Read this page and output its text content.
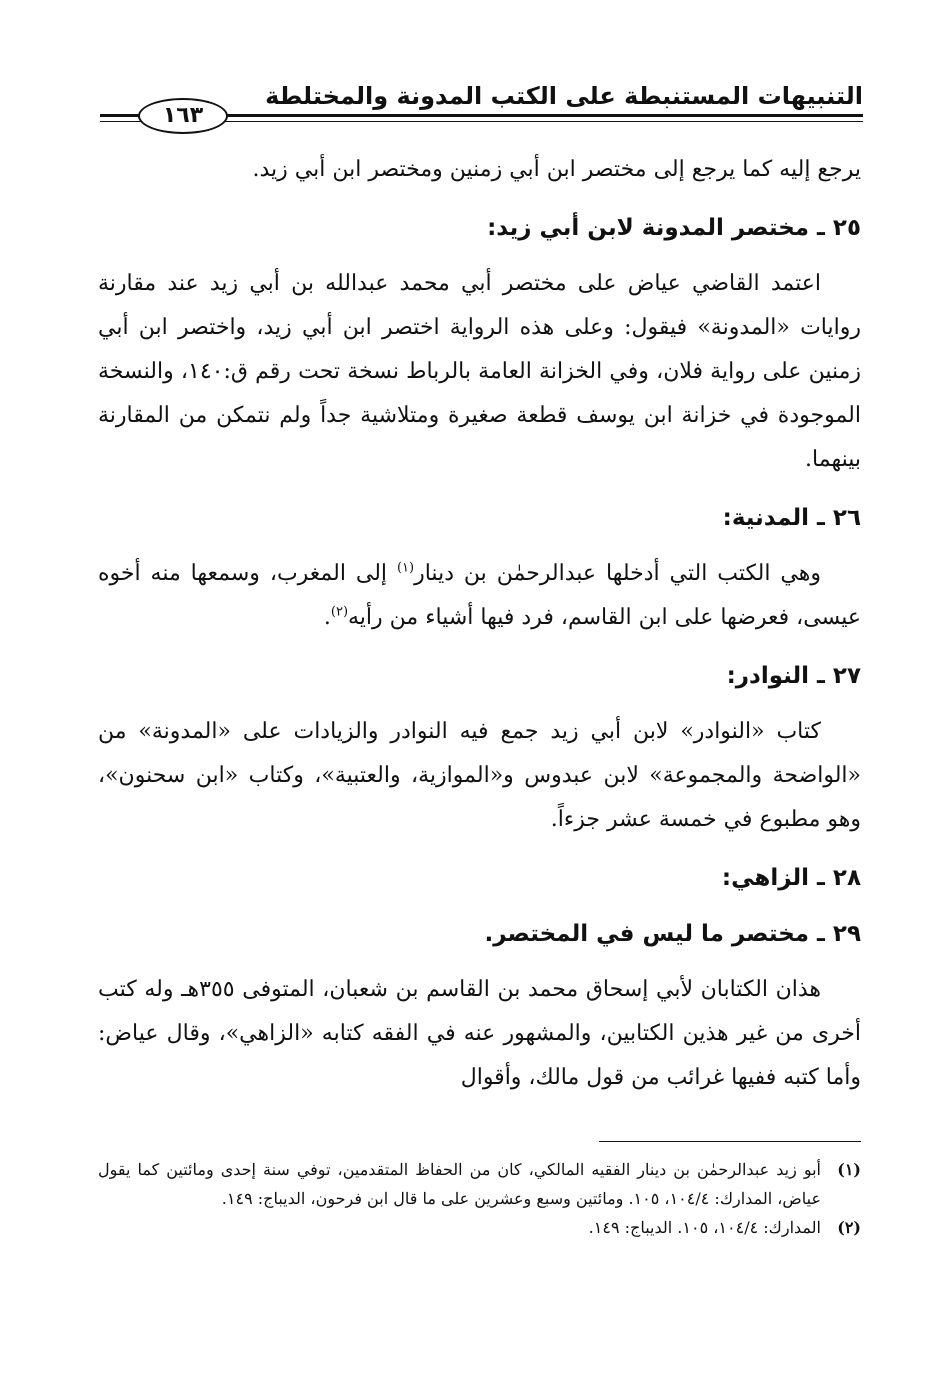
التنبيهات المستنبطة على الكتب المدونة والمختلطة
١٦٣

يرجع إليه كما يرجع إلى مختصر ابن أبي زمنين ومختصر ابن أبي زيد.

٢٥ ـ مختصر المدونة لابن أبي زيد:

اعتمد القاضي عياض على مختصر أبي محمد عبدالله بن أبي زيد عند مقارنة روايات «المدونة» فيقول: وعلى هذه الرواية اختصر ابن أبي زيد، واختصر ابن أبي زمنين على رواية فلان، وفي الخزانة العامة بالرباط نسخة تحت رقم ق:١٤٠، والنسخة الموجودة في خزانة ابن يوسف قطعة صغيرة ومتلاشية جداً ولم نتمكن من المقارنة بينهما.

٢٦ ـ المدنية:

وهي الكتب التي أدخلها عبدالرحمٰن بن دينار$^{(١)}$ إلى المغرب، وسمعها منه أخوه عيسى، فعرضها على ابن القاسم، فرد فيها أشياء من رأيه$^{(٢)}$.

٢٧ ـ النوادر:

كتاب «النوادر» لابن أبي زيد جمع فيه النوادر والزيادات على «المدونة» من «الواضحة والمجموعة» لابن عبدوس و«الموازية، والعتبية»، وكتاب «ابن سحنون»، وهو مطبوع في خمسة عشر جزءاً.

٢٨ ـ الزاهي:
٢٩ ـ مختصر ما ليس في المختصر.

هذان الكتابان لأبي إسحاق محمد بن القاسم بن شعبان، المتوفى ٣٥٥هـ وله كتب أخرى من غير هذين الكتابين، والمشهور عنه في الفقه كتابه «الزاهي»، وقال عياض: وأما كتبه ففيها غرائب من قول مالك، وأقوال

(١)
أبو زيد عبدالرحمٰن بن دينار الفقيه المالكي، كان من الحفاظ المتقدمين، توفي سنة إحدى ومائتين كما يقول عياض، المدارك: ١٠٤/٤، ١٠٥. ومائتين وسبع وعشرين على ما قال ابن فرحون، الديباج: ١٤٩.
(٢)
المدارك: ١٠٤/٤، ١٠٥. الديباج: ١٤٩.
